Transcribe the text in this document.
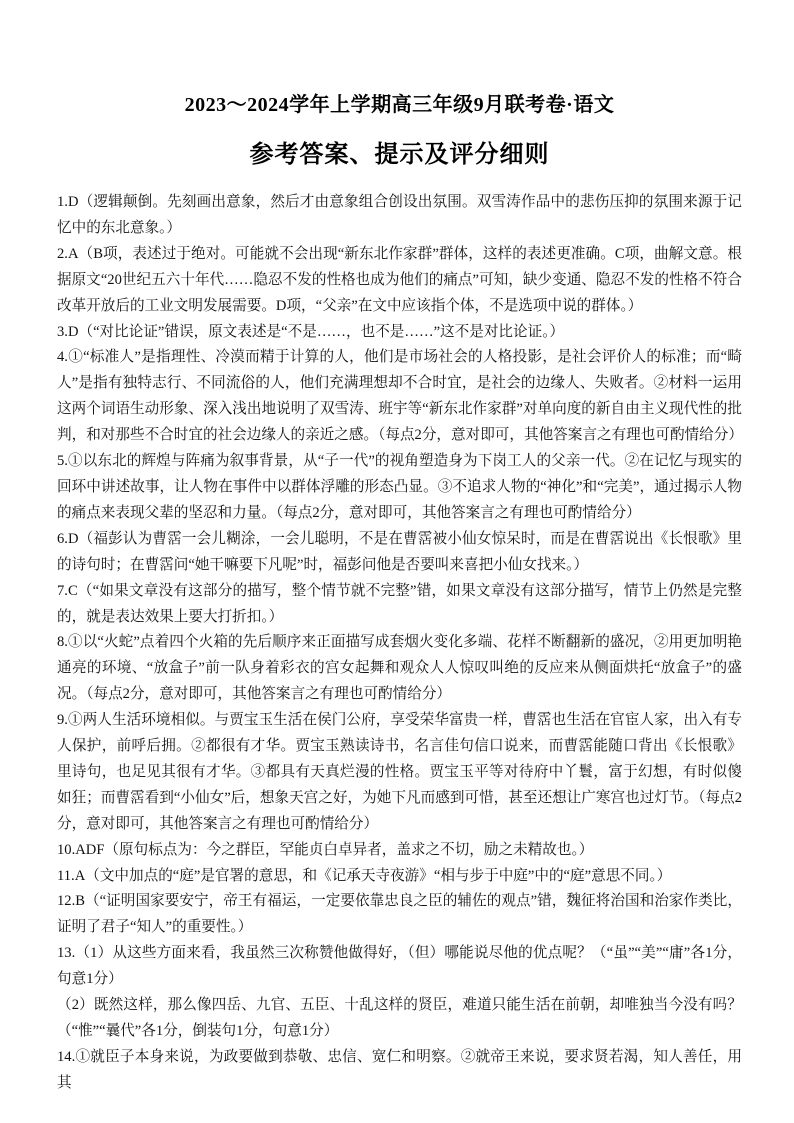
2023～2024学年上学期高三年级9月联考卷·语文
参考答案、提示及评分细则

1.D（逻辑颠倒。先刻画出意象，然后才由意象组合创设出氛围。双雪涛作品中的悲伤压抑的氛围来源于记忆中的东北意象。）

2.A（B项，表述过于绝对。可能就不会出现“新东北作家群”群体，这样的表述更准确。C项，曲解文意。根据原文“20世纪五六十年代……隐忍不发的性格也成为他们的痛点”可知，缺少变通、隐忍不发的性格不符合改革开放后的工业文明发展需要。D项，“父亲”在文中应该指个体，不是选项中说的群体。）

3.D（“对比论证”错误，原文表述是“不是……，也不是……”这不是对比论证。）

4.①“标准人”是指理性、冷漠而精于计算的人，他们是市场社会的人格投影，是社会评价人的标准；而“畸人”是指有独特志行、不同流俗的人，他们充满理想却不合时宜，是社会的边缘人、失败者。②材料一运用这两个词语生动形象、深入浅出地说明了双雪涛、班宇等“新东北作家群”对单向度的新自由主义现代性的批判，和对那些不合时宜的社会边缘人的亲近之感。（每点2分，意对即可，其他答案言之有理也可酌情给分）

5.①以东北的辉煌与阵痛为叙事背景，从“子一代”的视角塑造身为下岗工人的父亲一代。②在记忆与现实的回环中讲述故事，让人物在事件中以群体浮雕的形态凸显。③不追求人物的“神化”和“完美”，通过揭示人物的痛点来表现父辈的坚忍和力量。（每点2分，意对即可，其他答案言之有理也可酌情给分）

6.D（福彭认为曹霑一会儿糊涂，一会儿聪明，不是在曹霑被小仙女惊呆时，而是在曹霑说出《长恨歌》里的诗句时；在曹霑问“她干嘛要下凡呢”时，福彭问他是否要叫来喜把小仙女找来。）

7.C（“如果文章没有这部分的描写，整个情节就不完整”错，如果文章没有这部分描写，情节上仍然是完整的，就是表达效果上要大打折扣。）

8.①以“火蛇”点着四个火箱的先后顺序来正面描写成套烟火变化多端、花样不断翻新的盛况，②用更加明艳通亮的环境、“放盒子”前一队身着彩衣的宫女起舞和观众人人惊叹叫绝的反应来从侧面烘托“放盒子”的盛况。（每点2分，意对即可，其他答案言之有理也可酌情给分）

9.①两人生活环境相似。与贾宝玉生活在侯门公府，享受荣华富贵一样，曹霑也生活在官宦人家，出入有专人保护，前呼后拥。②都很有才华。贾宝玉熟读诗书，名言佳句信口说来，而曹霑能随口背出《长恨歌》里诗句，也足见其很有才华。③都具有天真烂漫的性格。贾宝玉平等对待府中丫鬟，富于幻想，有时似傻如狂；而曹霑看到“小仙女”后，想象天宫之好，为她下凡而感到可惜，甚至还想让广寒宫也过灯节。（每点2分，意对即可，其他答案言之有理也可酌情给分）

10.ADF（原句标点为：今之群臣，罕能贞白卓异者，盖求之不切，励之未精故也。）

11.A（文中加点的“庭”是官署的意思，和《记承天寺夜游》“相与步于中庭”中的“庭”意思不同。）

12.B（“证明国家要安宁，帝王有福运，一定要依靠忠良之臣的辅佐的观点”错，魏征将治国和治家作类比，证明了君子“知人”的重要性。）

13.（1）从这些方面来看，我虽然三次称赞他做得好，（但）哪能说尽他的优点呢？（“虽”“美”“庸”各1分，句意1分）

（2）既然这样，那么像四岳、九官、五臣、十乱这样的贤臣，难道只能生活在前朝，却唯独当今没有吗？（“惟”“曩代”各1分，倒装句1分，句意1分）

14.①就臣子本身来说，为政要做到恭敬、忠信、宽仁和明察。②就帝王来说，要求贤若渴，知人善任，用其
